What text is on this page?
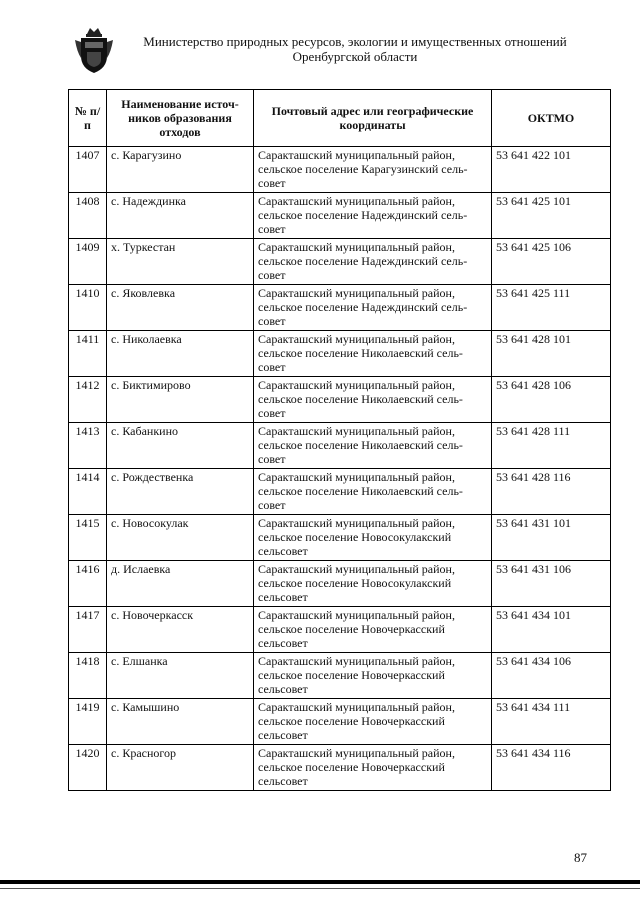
Министерство природных ресурсов, экологии и имущественных отношений
Оренбургской области
№ п/п	Наименование источ-ников образования отходов	Почтовый адрес или географические координаты	ОКТМО
1407	с. Карагузино	Саракташский муниципальный район, сельское поселение Карагузинский сель-совет	53 641 422 101
1408	с. Надеждинка	Саракташский муниципальный район, сельское поселение Надеждинский сель-совет	53 641 425 101
1409	х. Туркестан	Саракташский муниципальный район, сельское поселение Надеждинский сель-совет	53 641 425 106
1410	с. Яковлевка	Саракташский муниципальный район, сельское поселение Надеждинский сель-совет	53 641 425 111
1411	с. Николаевка	Саракташский муниципальный район, сельское поселение Николаевский сель-совет	53 641 428 101
1412	с. Биктимирово	Саракташский муниципальный район, сельское поселение Николаевский сель-совет	53 641 428 106
1413	с. Кабанкино	Саракташский муниципальный район, сельское поселение Николаевский сель-совет	53 641 428 111
1414	с. Рождественка	Саракташский муниципальный район, сельское поселение Николаевский сель-совет	53 641 428 116
1415	с. Новосокулак	Саракташский муниципальный район, сельское поселение Новосокулакский сельсовет	53 641 431 101
1416	д. Ислаевка	Саракташский муниципальный район, сельское поселение Новосокулакский сельсовет	53 641 431 106
1417	с. Новочеркасск	Саракташский муниципальный район, сельское поселение Новочеркасский сельсовет	53 641 434 101
1418	с. Елшанка	Саракташский муниципальный район, сельское поселение Новочеркасский сельсовет	53 641 434 106
1419	с. Камышино	Саракташский муниципальный район, сельское поселение Новочеркасский сельсовет	53 641 434 111
1420	с. Красногор	Саракташский муниципальный район, сельское поселение Новочеркасский сельсовет	53 641 434 116
87
